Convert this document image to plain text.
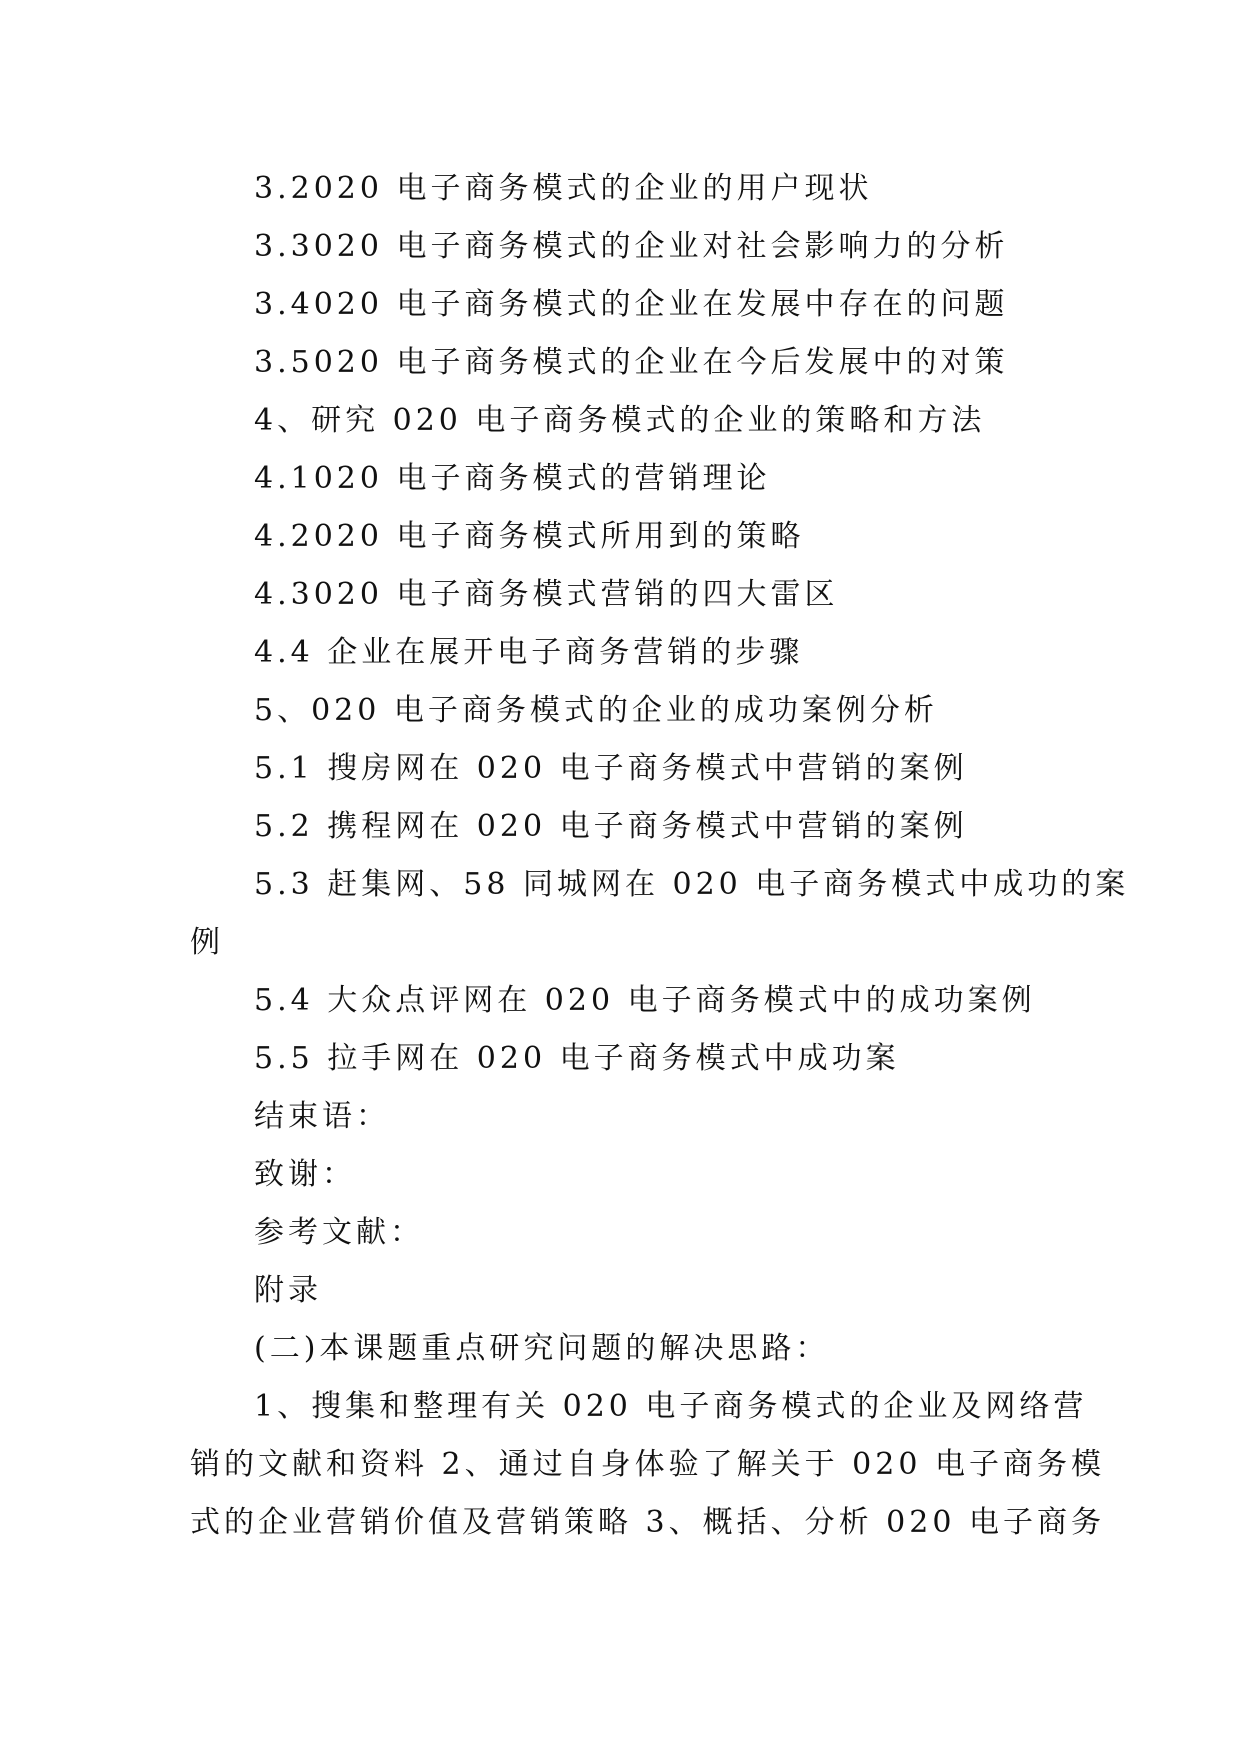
3.2020 电子商务模式的企业的用户现状
3.3020 电子商务模式的企业对社会影响力的分析
3.4020 电子商务模式的企业在发展中存在的问题
3.5020 电子商务模式的企业在今后发展中的对策
4、研究 020 电子商务模式的企业的策略和方法
4.1020 电子商务模式的营销理论
4.2020 电子商务模式所用到的策略
4.3020 电子商务模式营销的四大雷区
4.4 企业在展开电子商务营销的步骤
5、020 电子商务模式的企业的成功案例分析
5.1 搜房网在 020 电子商务模式中营销的案例
5.2 携程网在 020 电子商务模式中营销的案例
5.3 赶集网、58 同城网在 020 电子商务模式中成功的案
例
5.4 大众点评网在 020 电子商务模式中的成功案例
5.5 拉手网在 020 电子商务模式中成功案
结束语：
致谢：
参考文献：
附录
(二)本课题重点研究问题的解决思路：
1、搜集和整理有关 020 电子商务模式的企业及网络营
销的文献和资料 2、通过自身体验了解关于 020 电子商务模
式的企业营销价值及营销策略 3、概括、分析 020 电子商务
